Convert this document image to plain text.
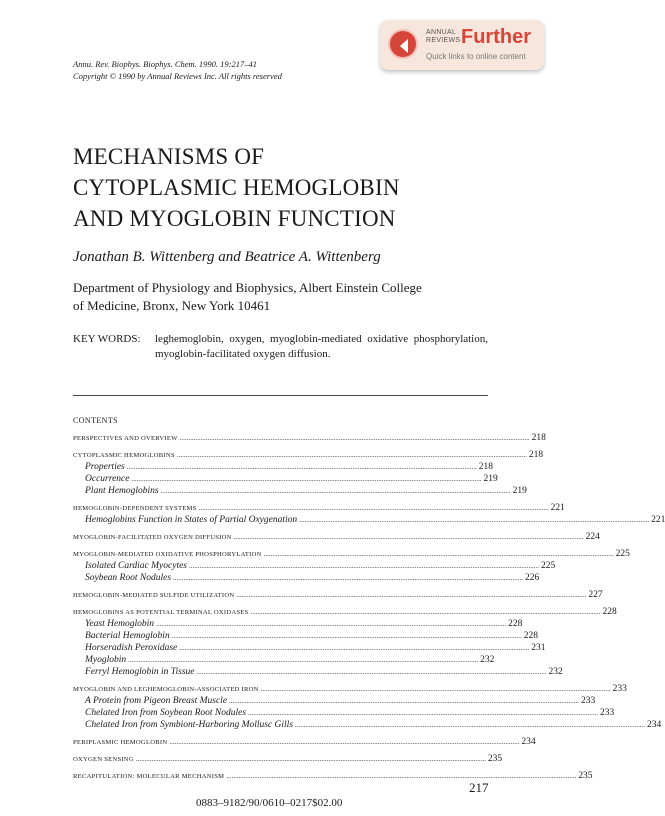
ANNUAL REVIEWS Further
Quick links to online content
Annu. Rev. Biophys. Biophys. Chem. 1990. 19:217–41
Copyright © 1990 by Annual Reviews Inc. All rights reserved
MECHANISMS OF
CYTOPLASMIC HEMOGLOBIN
AND MYOGLOBIN FUNCTION
Jonathan B. Wittenberg and Beatrice A. Wittenberg
Department of Physiology and Biophysics, Albert Einstein College
of Medicine, Bronx, New York 10461
KEY WORDS: leghemoglobin, oxygen, myoglobin-mediated oxidative phosphorylation, myoglobin-facilitated oxygen diffusion.
CONTENTS
PERSPECTIVES AND OVERVIEW ........................................................................................................................................................................................................ 218
CYTOPLASMIC HEMOGLOBINS ........................................................................................................................................................................................................ 218
Properties ........................................................................................................................................................................................................ 218
Occurrence ........................................................................................................................................................................................................ 219
Plant Hemoglobins ........................................................................................................................................................................................................ 219
HEMOGLOBIN-DEPENDENT SYSTEMS ........................................................................................................................................................................................................ 221
Hemoglobins Function in States of Partial Oxygenation ........................................................................................................................................................................................................ 221
MYOGLOBIN-FACILITATED OXYGEN DIFFUSION ........................................................................................................................................................................................................ 224
MYOGLOBIN-MEDIATED OXIDATIVE PHOSPHORYLATION ........................................................................................................................................................................................................ 225
Isolated Cardiac Myocytes ........................................................................................................................................................................................................ 225
Soybean Root Nodules ........................................................................................................................................................................................................ 226
HEMOGLOBIN-MEDIATED SULFIDE UTILIZATION ........................................................................................................................................................................................................ 227
HEMOGLOBINS AS POTENTIAL TERMINAL OXIDASES ........................................................................................................................................................................................................ 228
Yeast Hemoglobin ........................................................................................................................................................................................................ 228
Bacterial Hemoglobin ........................................................................................................................................................................................................ 228
Horseradish Peroxidase ........................................................................................................................................................................................................ 231
Myoglobin ........................................................................................................................................................................................................ 232
Ferryl Hemoglobin in Tissue ........................................................................................................................................................................................................ 232
MYOGLOBIN AND LEGHEMOGLOBIN-ASSOCIATED IRON ........................................................................................................................................................................................................ 233
A Protein from Pigeon Breast Muscle ........................................................................................................................................................................................................ 233
Chelated Iron from Soybean Root Nodules ........................................................................................................................................................................................................ 233
Chelated Iron from Symbiont-Harboring Mollusc Gills ........................................................................................................................................................................................................ 234
PERIPLASMIC HEMOGLOBIN ........................................................................................................................................................................................................ 234
OXYGEN SENSING ........................................................................................................................................................................................................ 235
RECAPITULATION: MOLECULAR MECHANISM ........................................................................................................................................................................................................ 235
217
0883–9182/90/0610–0217$02.00
